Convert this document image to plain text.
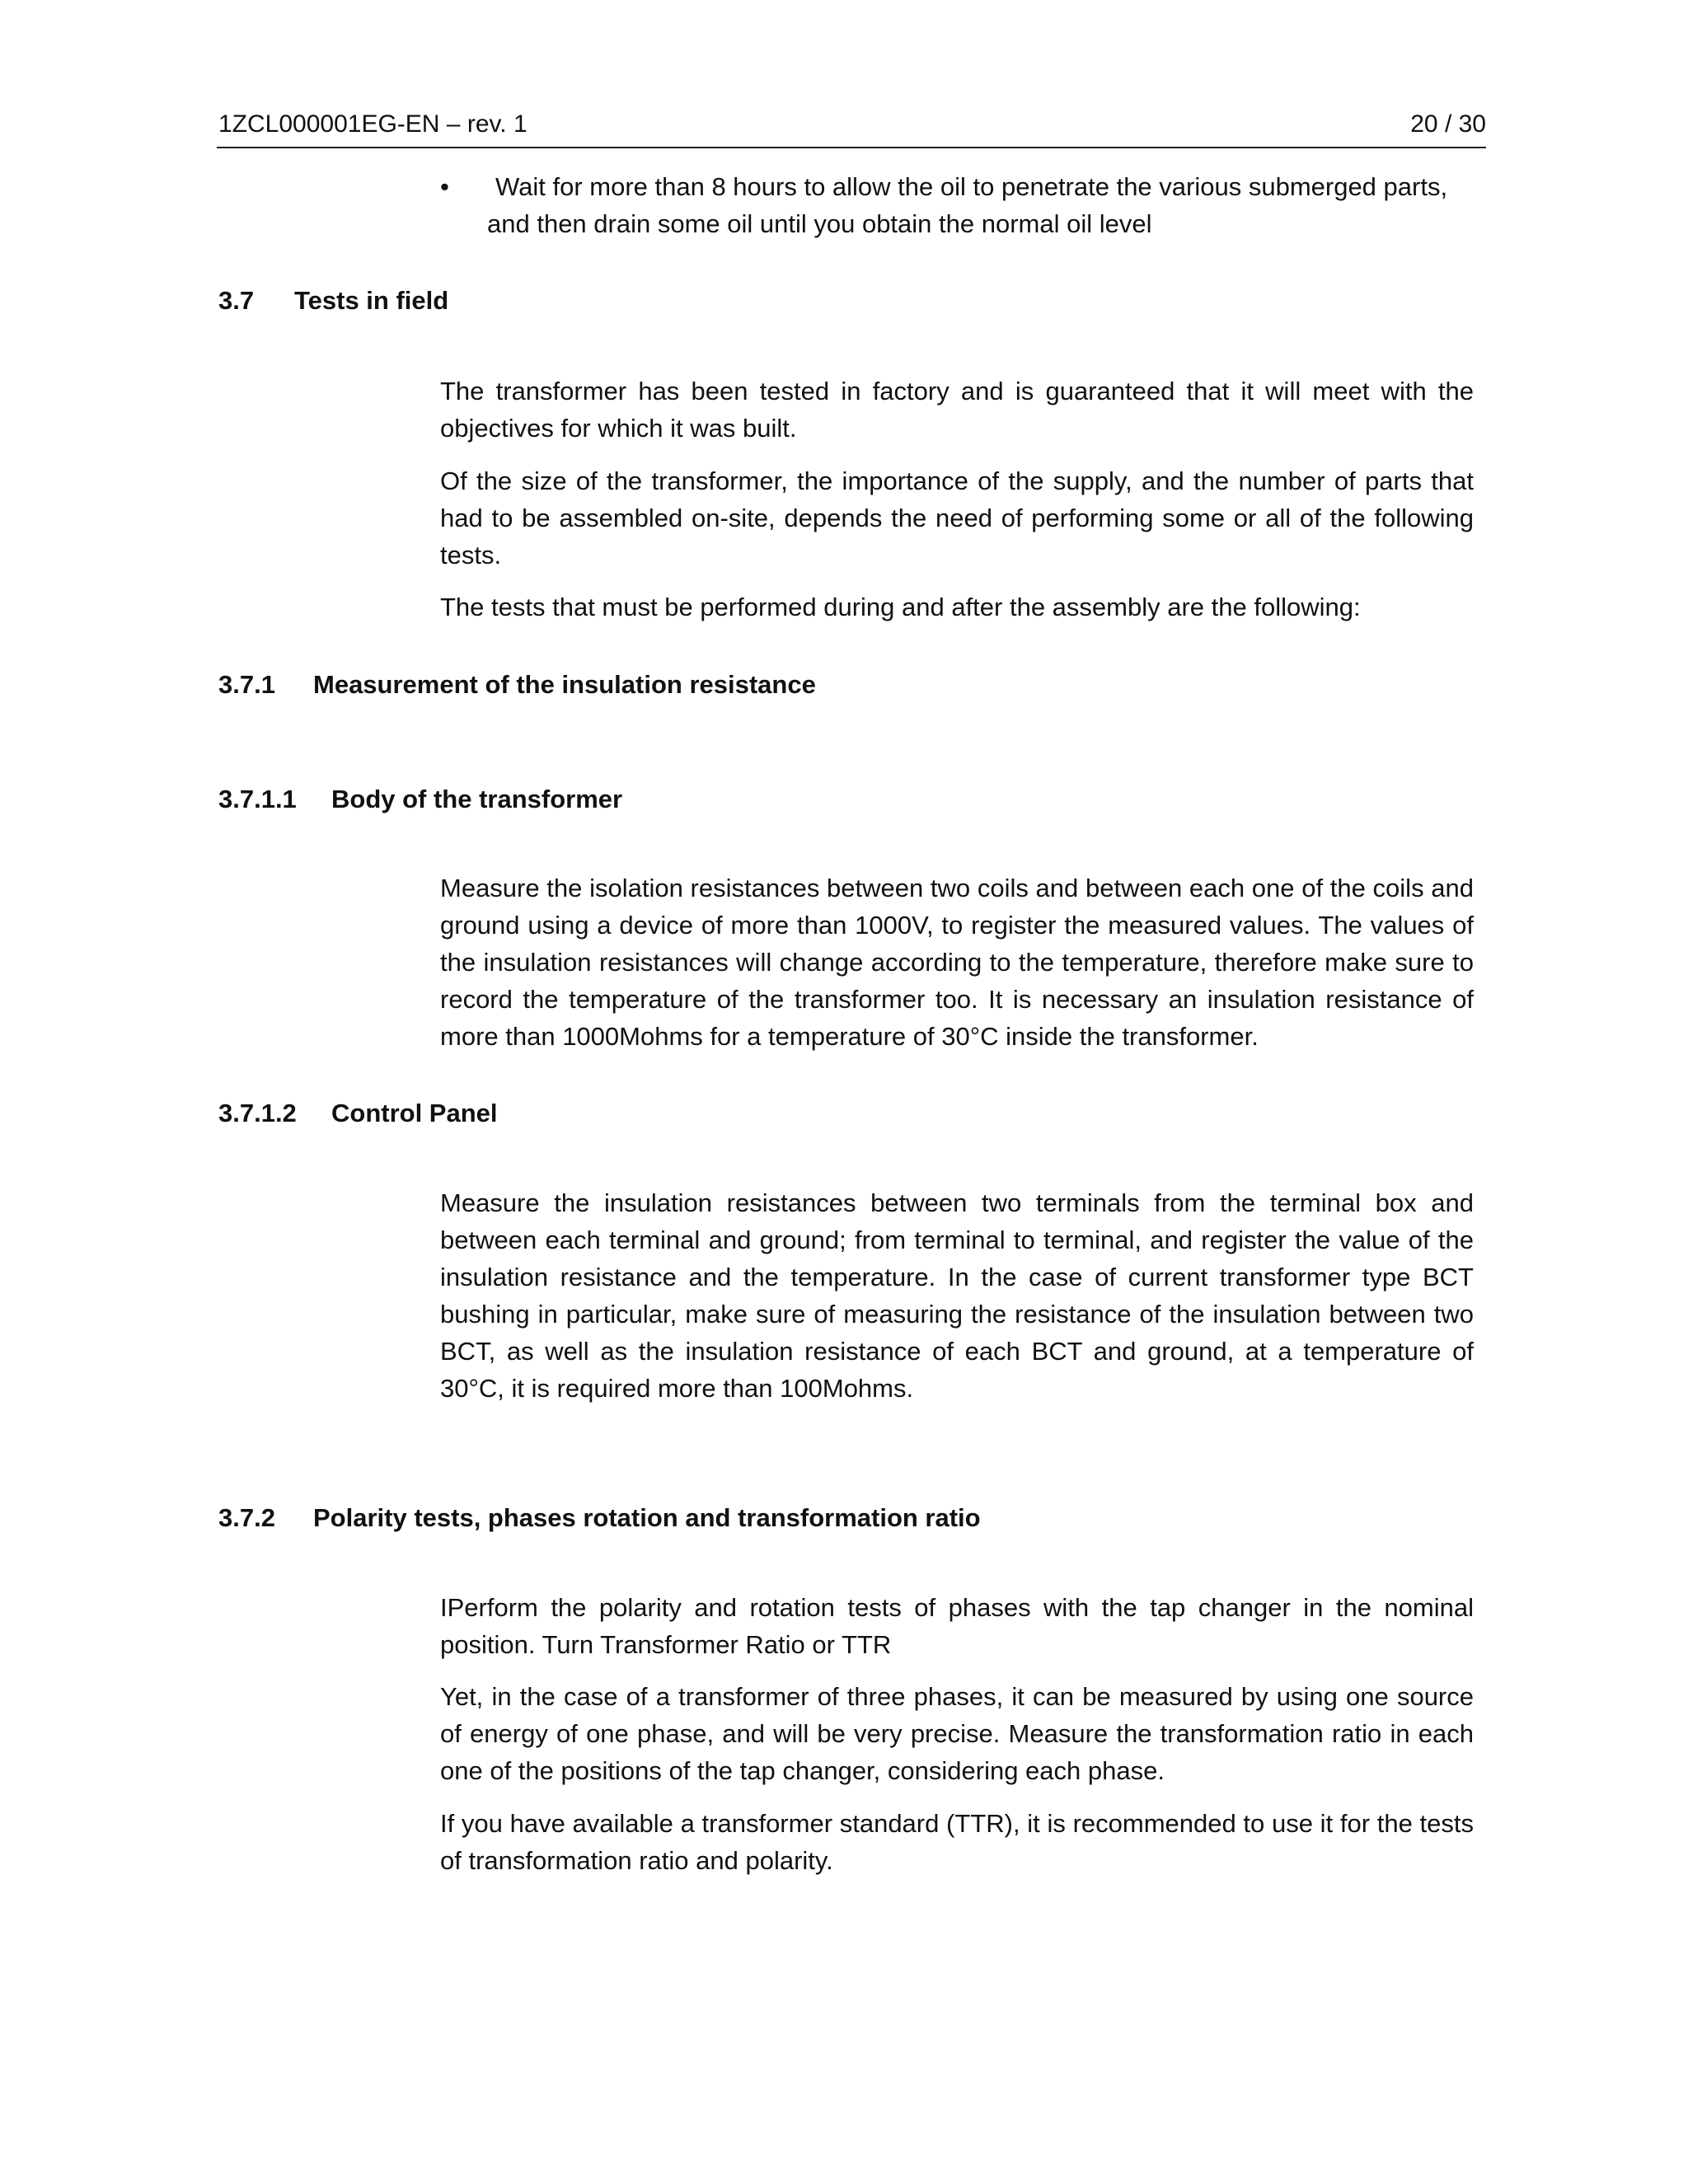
1ZCL000001EG-EN – rev. 1	20 / 30
•	Wait for more than 8 hours to allow the oil to penetrate the various submerged parts, and then drain some oil until you obtain the normal oil level
3.7 Tests in field
The transformer has been tested in factory and is guaranteed that it will meet with the objectives for which it was built.
Of the size of the transformer, the importance of the supply, and the number of parts that had to be assembled on-site, depends the need of performing some or all of the following tests.
The tests that must be performed during and after the assembly are the following:
3.7.1 Measurement of the insulation resistance
3.7.1.1 Body of the transformer
Measure the isolation resistances between two coils and between each one of the coils and ground using a device of more than 1000V, to register the measured values. The values of the insulation resistances will change according to the temperature, therefore make sure to record the temperature of the transformer too. It is necessary an insulation resistance of more than 1000Mohms for a temperature of 30°C inside the transformer.
3.7.1.2 Control Panel
Measure the insulation resistances between two terminals from the terminal box and between each terminal and ground; from terminal to terminal, and register the value of the insulation resistance and the temperature. In the case of current transformer type BCT bushing in particular, make sure of measuring the resistance of the insulation between two BCT, as well as the insulation resistance of each BCT and ground, at a temperature of 30°C, it is required more than 100Mohms.
3.7.2 Polarity tests, phases rotation and transformation ratio
IPerform the polarity and rotation tests of phases with the tap changer in the nominal position. Turn Transformer Ratio or TTR
Yet, in the case of a transformer of three phases, it can be measured by using one source of energy of one phase, and will be very precise. Measure the transformation ratio in each one of the positions of the tap changer, considering each phase.
If you have available a transformer standard (TTR), it is recommended to use it for the tests of transformation ratio and polarity.
